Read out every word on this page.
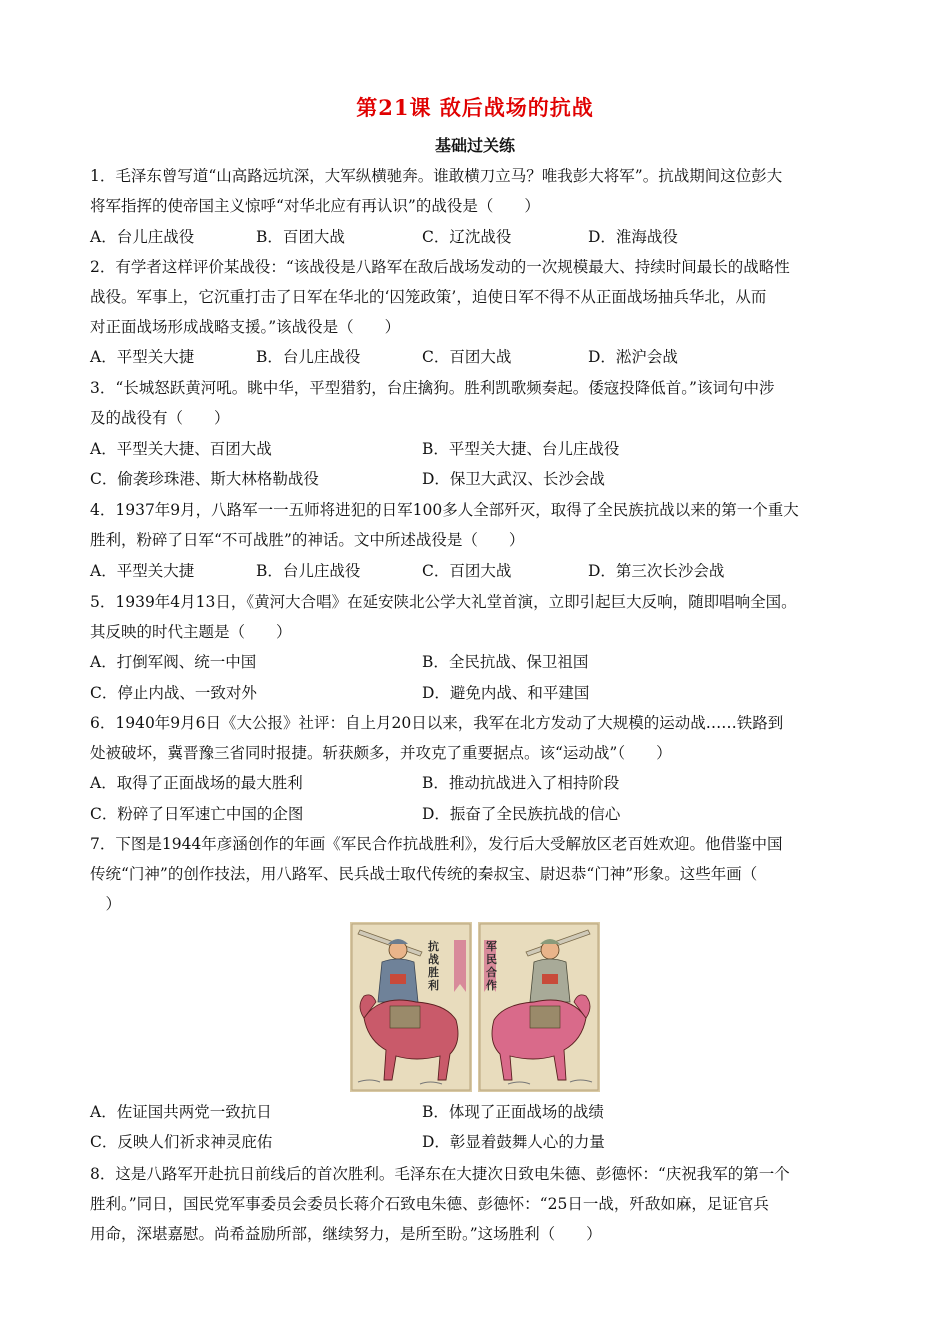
第21课 敌后战场的抗战
基础过关练
1．毛泽东曾写道“山高路远坑深，大军纵横驰奔。谁敢横刀立马？唯我彭大将军”。抗战期间这位彭大
将军指挥的使帝国主义惊呼“对华北应有再认识”的战役是（　　）
A．台儿庄战役	B．百团大战	C．辽沈战役	D．淮海战役
2．有学者这样评价某战役：“该战役是八路军在敌后战场发动的一次规模最大、持续时间最长的战略性
战役。军事上，它沉重打击了日军在华北的‘囚笼政策’，迫使日军不得不从正面战场抽兵华北，从而
对正面战场形成战略支援。”该战役是（　　）
A．平型关大捷	B．台儿庄战役	C．百团大战	D．淞沪会战
3．“长城怒跃黄河吼。眺中华，平型猎豹，台庄擒狗。胜利凯歌频奏起。倭寇投降低首。”该词句中涉
及的战役有（　　）
A．平型关大捷、百团大战	B．平型关大捷、台儿庄战役
C．偷袭珍珠港、斯大林格勒战役	D．保卫大武汉、长沙会战
4．1937年9月，八路军一一五师将进犯的日军100多人全部歼灭，取得了全民族抗战以来的第一个重大
胜利，粉碎了日军“不可战胜”的神话。文中所述战役是（　　）
A．平型关大捷	B．台儿庄战役	C．百团大战	D．第三次长沙会战
5．1939年4月13日，《黄河大合唱》在延安陕北公学大礼堂首演，立即引起巨大反响，随即唱响全国。
其反映的时代主题是（　　）
A．打倒军阀、统一中国	B．全民抗战、保卫祖国
C．停止内战、一致对外	D．避免内战、和平建国
6．1940年9月6日《大公报》社评：自上月20日以来，我军在北方发动了大规模的运动战……铁路到
处被破坏，冀晋豫三省同时报捷。斩获颇多，并攻克了重要据点。该“运动战”（　　）
A．取得了正面战场的最大胜利	B．推动抗战进入了相持阶段
C．粉碎了日军速亡中国的企图	D．振奋了全民族抗战的信心
7．下图是1944年彦涵创作的年画《军民合作抗战胜利》，发行后大受解放区老百姓欢迎。他借鉴中国
传统“门神”的创作技法，用八路军、民兵战士取代传统的秦叔宝、尉迟恭“门神”形象。这些年画（
　）
抗战胜利
军民合作
A．佐证国共两党一致抗日	B．体现了正面战场的战绩
C．反映人们祈求神灵庇佑	D．彰显着鼓舞人心的力量
8．这是八路军开赴抗日前线后的首次胜利。毛泽东在大捷次日致电朱德、彭德怀：“庆祝我军的第一个
胜利。”同日，国民党军事委员会委员长蒋介石致电朱德、彭德怀：“25日一战，歼敌如麻，足证官兵
用命，深堪嘉慰。尚希益励所部，继续努力，是所至盼。”这场胜利（　　）
